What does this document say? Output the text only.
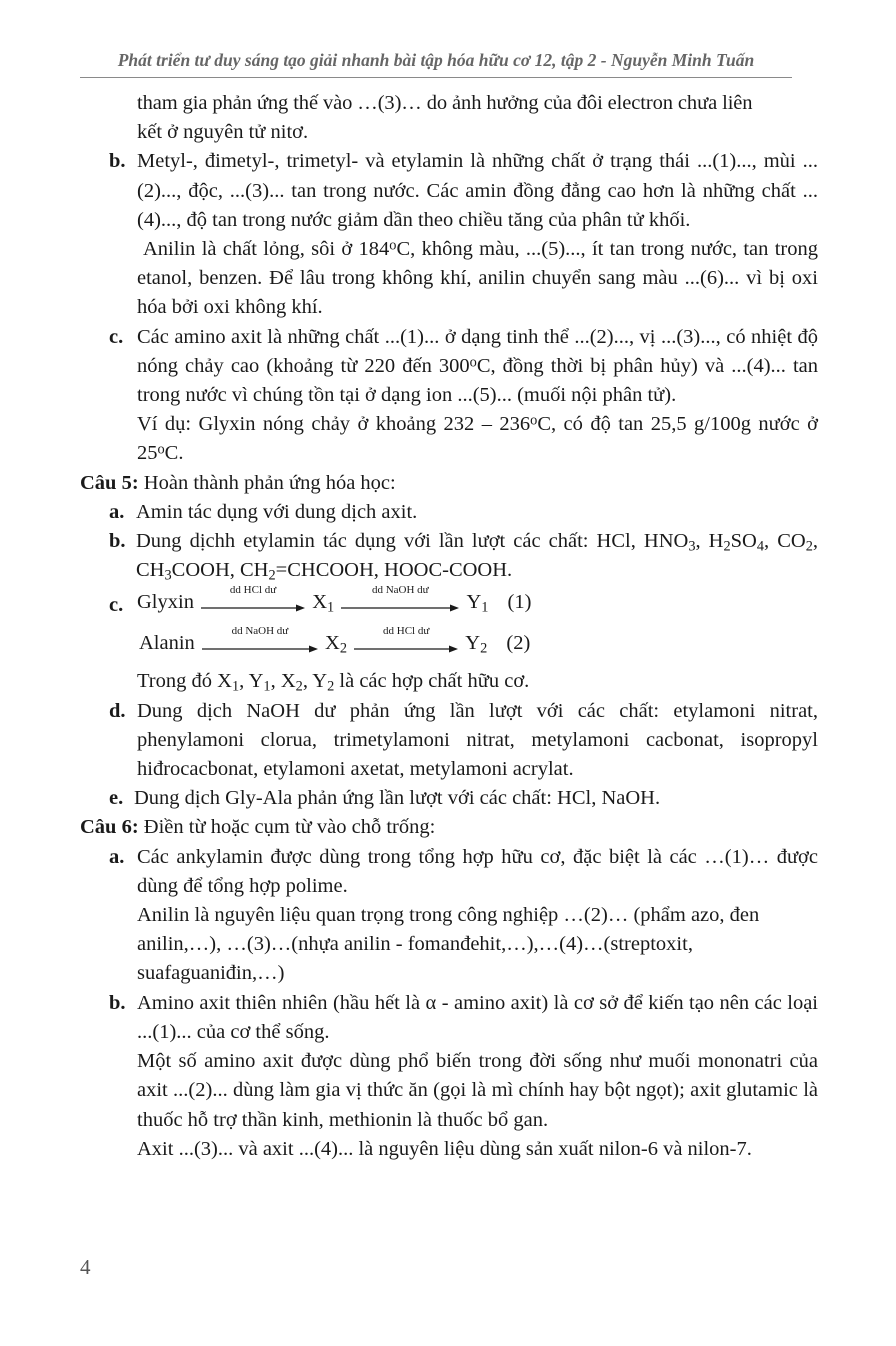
Phát triển tư duy sáng tạo giải nhanh bài tập hóa hữu cơ 12, tập 2 - Nguyễn Minh Tuấn

tham gia phản ứng thế vào …(3)… do ảnh hưởng của đôi electron chưa liên

kết ở nguyên tử nitơ.

b. Metyl-, đimetyl-, trimetyl- và etylamin là những chất ở trạng thái ...(1)..., mùi ...(2)..., độc, ...(3)... tan trong nước. Các amin đồng đẳng cao hơn là những chất ...(4)..., độ tan trong nước giảm dần theo chiều tăng của phân tử khối.

Anilin là chất lỏng, sôi ở 184$^o$C, không màu, ...(5)..., ít tan trong nước, tan trong etanol, benzen. Để lâu trong không khí, anilin chuyển sang màu ...(6)... vì bị oxi hóa bởi oxi không khí.

c. Các amino axit là những chất ...(1)... ở dạng tinh thể ...(2)..., vị ...(3)..., có nhiệt độ nóng chảy cao (khoảng từ 220 đến 300$^o$C, đồng thời bị phân hủy) và ...(4)... tan trong nước vì chúng tồn tại ở dạng ion ...(5)... (muối nội phân tử).

Ví dụ: Glyxin nóng chảy ở khoảng 232 – 236$^o$C, có độ tan 25,5 g/100g nước ở 25$^o$C.

Câu 5: Hoàn thành phản ứng hóa học:

a. Amin tác dụng với dung dịch axit.

b. Dung dịchh etylamin tác dụng với lần lượt các chất: HCl, $HNO_3$, $H_2SO_4$, $CO_2$, $CH_3COOH$, $CH_2=CHCOOH$, HOOC-COOH.

c. Glyxin
dd HCl dư
$X_1$
dd NaOH dư
$Y_1$ (1)
Alanin
dd NaOH dư
$X_2$
dd HCl dư
$Y_2$ (2)

Trong đó $X_1$, $Y_1$, $X_2$, $Y_2$ là các hợp chất hữu cơ.

d. Dung dịch NaOH dư phản ứng lần lượt với các chất: etylamoni nitrat, phenylamoni clorua, trimetylamoni nitrat, metylamoni cacbonat, isopropyl hiđrocacbonat, etylamoni axetat, metylamoni acrylat.

e. Dung dịch Gly-Ala phản ứng lần lượt với các chất: HCl, NaOH.

Câu 6: Điền từ hoặc cụm từ vào chỗ trống:

a. Các ankylamin được dùng trong tổng hợp hữu cơ, đặc biệt là các …(1)… được dùng để tổng hợp polime.

Anilin là nguyên liệu quan trọng trong công nghiệp …(2)… (phẩm azo, đen anilin,…), …(3)…(nhựa anilin - fomanđehit,…),…(4)…(streptoxit, suafaguaniđin,…)

b. Amino axit thiên nhiên (hầu hết là α - amino axit) là cơ sở để kiến tạo nên các loại ...(1)... của cơ thể sống.

Một số amino axit được dùng phổ biến trong đời sống như muối mononatri của axit ...(2)... dùng làm gia vị thức ăn (gọi là mì chính hay bột ngọt); axit glutamic là thuốc hỗ trợ thần kinh, methionin là thuốc bổ gan.

Axit ...(3)... và axit ...(4)... là nguyên liệu dùng sản xuất nilon-6 và nilon-7.

4
